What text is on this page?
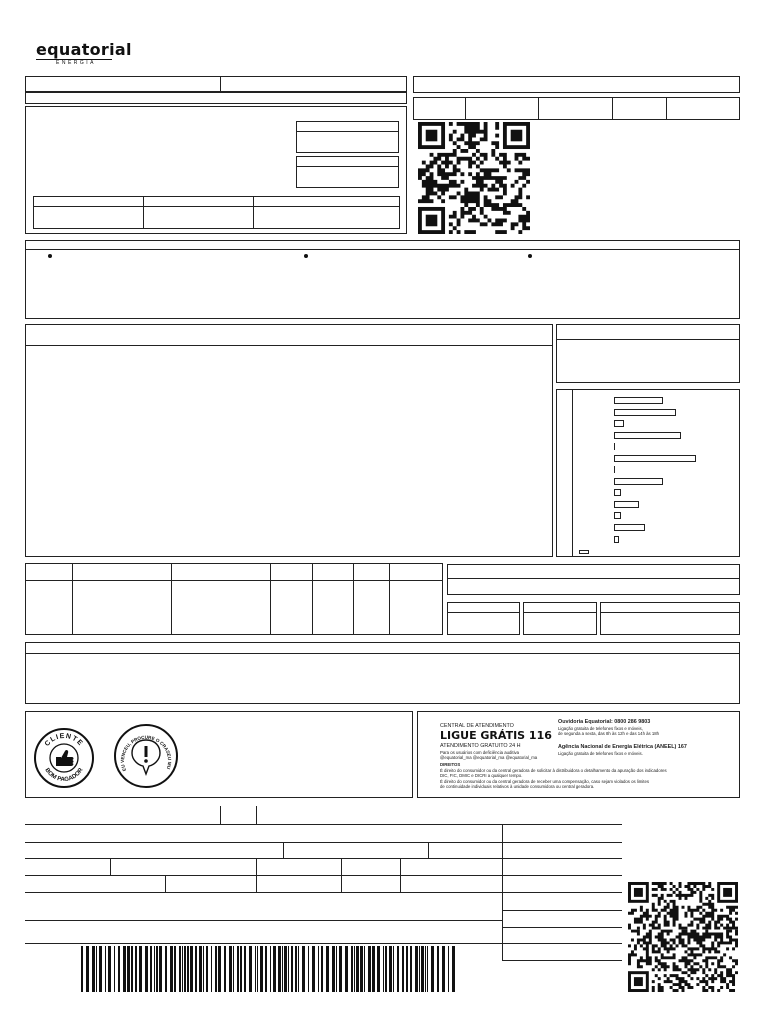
equatorial
ENERGIA
CLIENTE
BOM PAGADOR	EU VENCEU, PROCURE O CRASEU MU
CENTRAL DE ATENDIMENTO
LIGUE GRÁTIS 116
ATENDIMENTO GRATUITO 24 H
Para os usuários com deficiência auditiva
@equatorial_ma @equatorial_ma @equatorial_ma
Ouvidoria Equatorial: 0800 286 9803
Ligação gratuita de telefones fixos e móveis,
de segunda a sexta, das 8h às 12h e das 14h às 18h
Agência Nacional de Energia Elétrica (ANEEL) 167
Ligação gratuita de telefones fixos e móveis.
DIREITOS
É direito do consumidor ou da central geradora de solicitar à distribuidora o detalhamento da apuração dos indicadores
DIC, FIC, DMIC e DICRI a qualquer tempo.
É direito do consumidor ou da central geradora de receber uma compensação, caso sejam violados os limites
de continuidade individuais relativos à unidade consumidora ou central geradora.
